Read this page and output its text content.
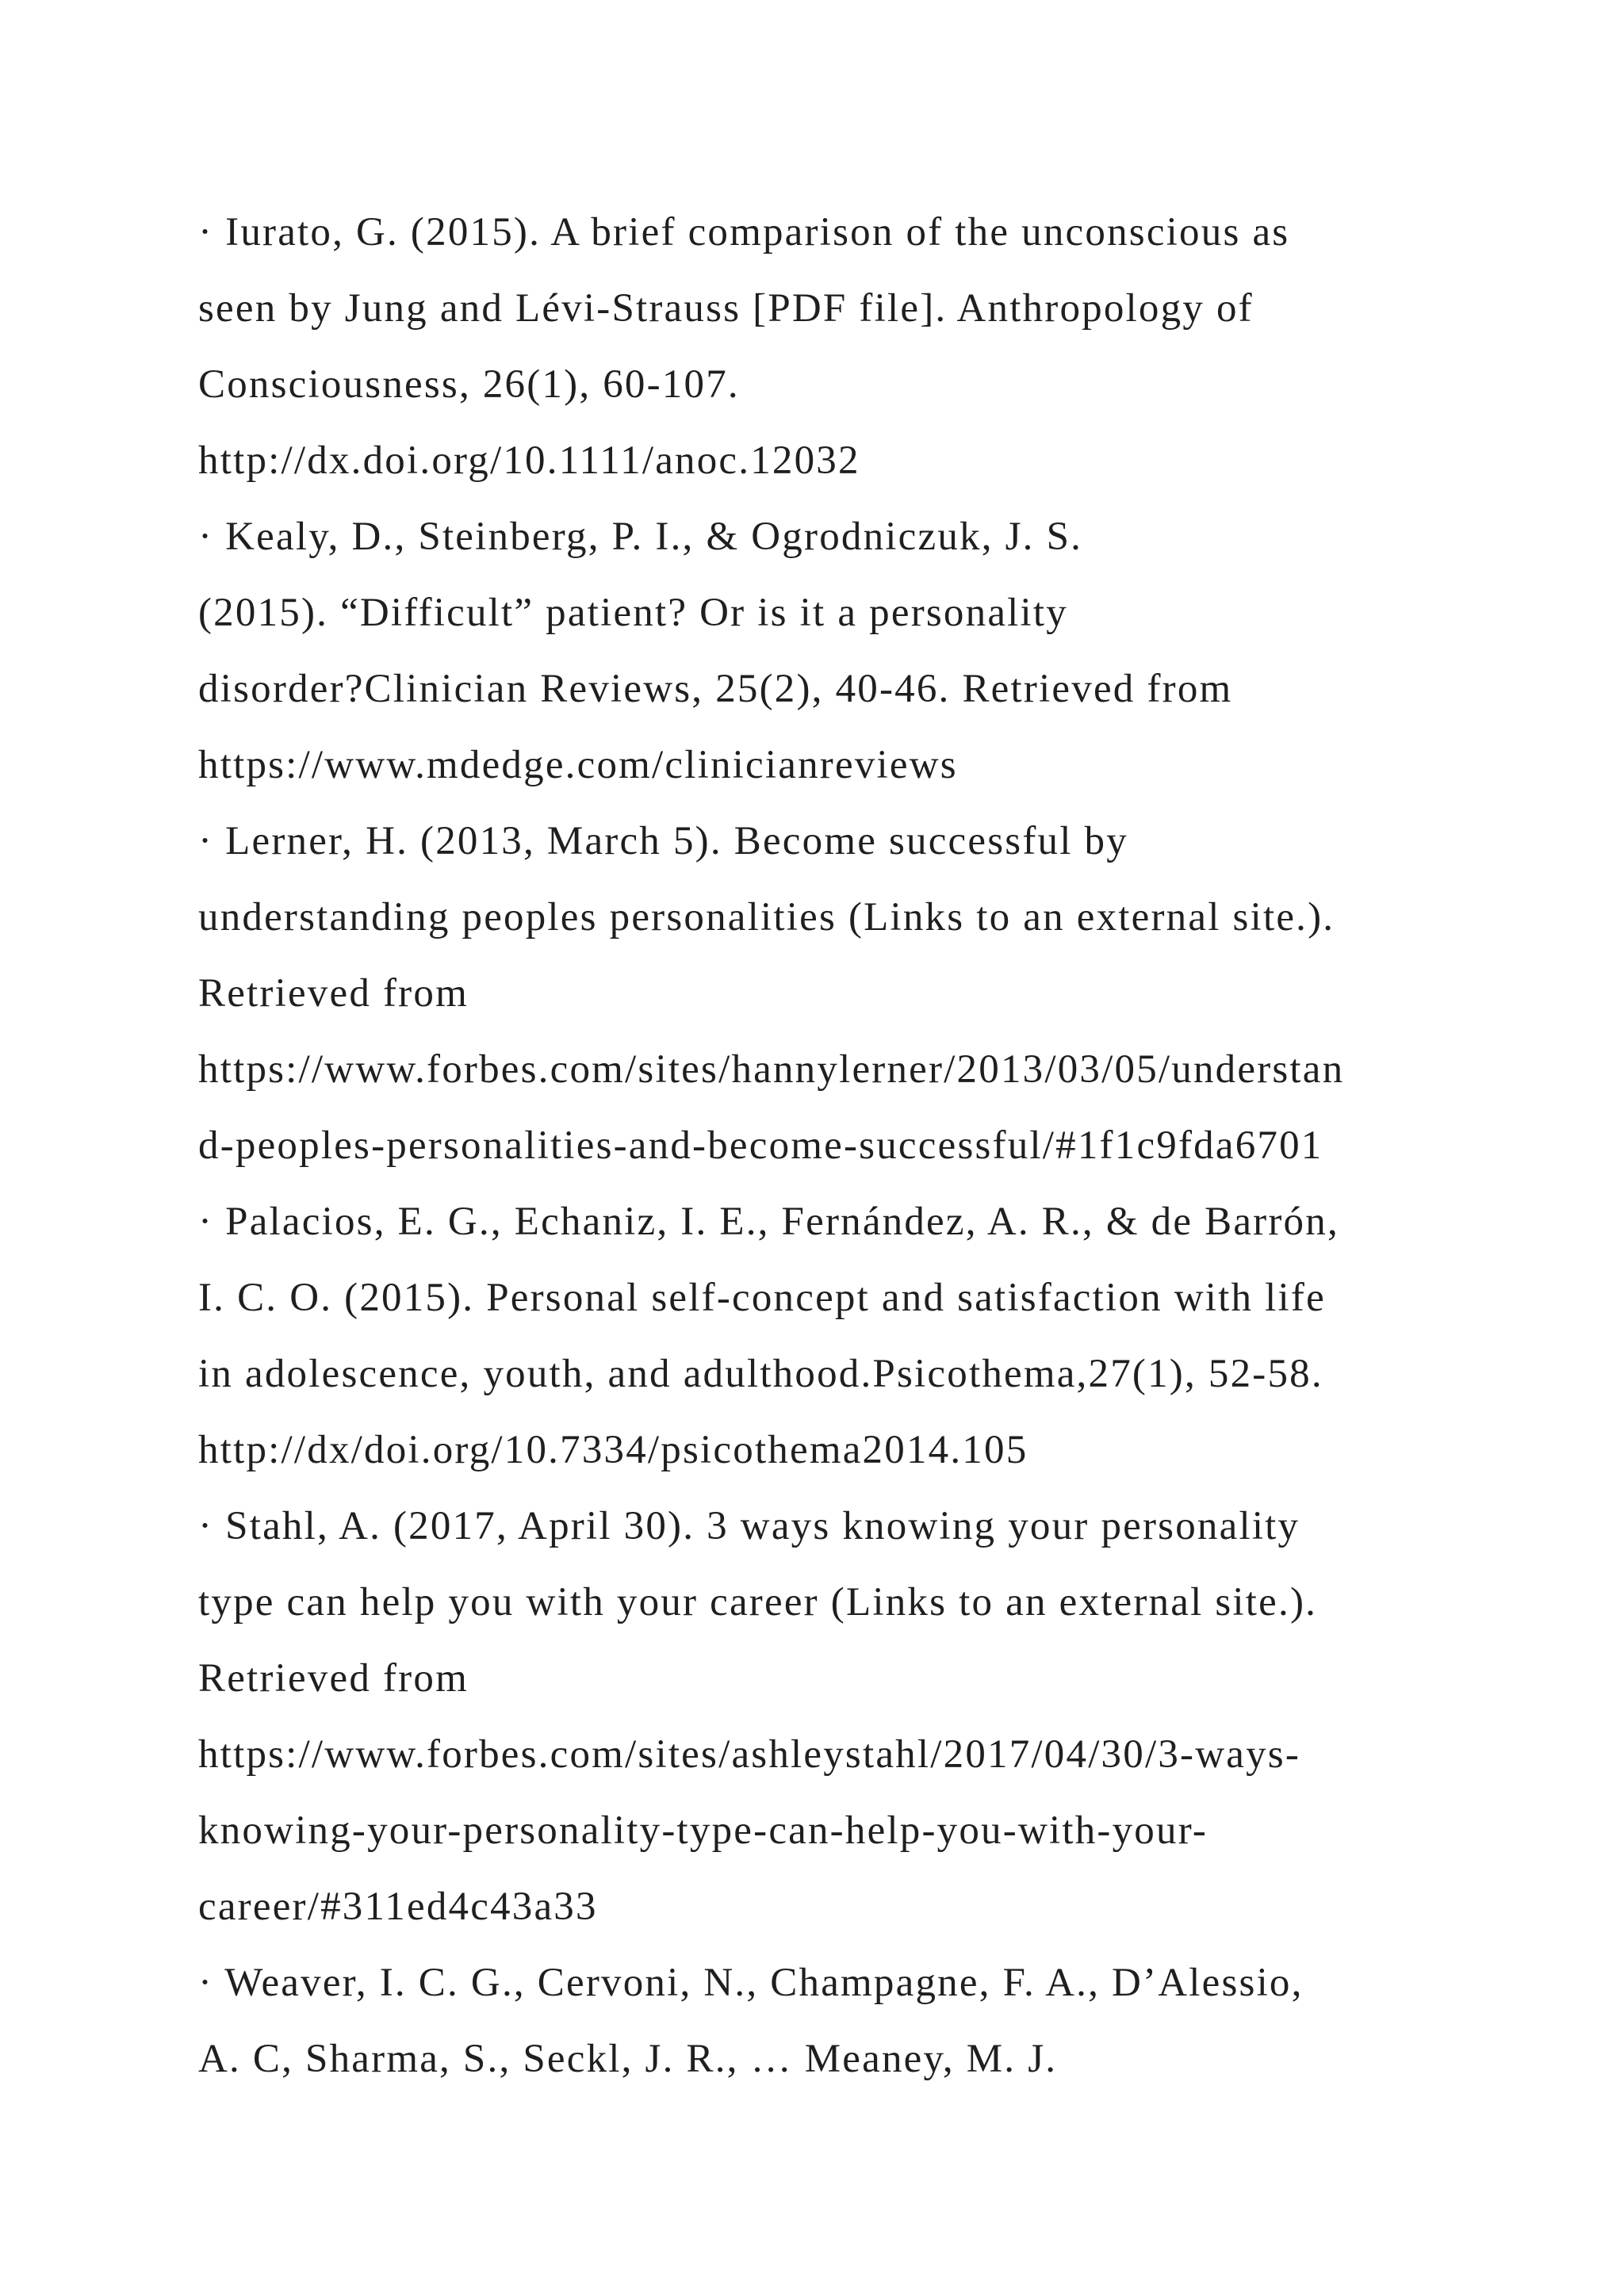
· Iurato, G. (2015). A brief comparison of the unconscious as
seen by Jung and Lévi-Strauss [PDF file]. Anthropology of
Consciousness, 26(1), 60-107.
http://dx.doi.org/10.1111/anoc.12032
· Kealy, D., Steinberg, P. I., & Ogrodniczuk, J. S.
(2015). “Difficult” patient? Or is it a personality
disorder?Clinician Reviews, 25(2), 40-46. Retrieved from
https://www.mdedge.com/clinicianreviews
· Lerner, H. (2013, March 5). Become successful by
understanding peoples personalities (Links to an external site.).
Retrieved from
https://www.forbes.com/sites/hannylerner/2013/03/05/understan
d-peoples-personalities-and-become-successful/#1f1c9fda6701
· Palacios, E. G., Echaniz, I. E., Fernández, A. R., & de Barrón,
I. C. O. (2015). Personal self-concept and satisfaction with life
in adolescence, youth, and adulthood.Psicothema,27(1), 52-58.
http://dx/doi.org/10.7334/psicothema2014.105
· Stahl, A. (2017, April 30). 3 ways knowing your personality
type can help you with your career (Links to an external site.).
Retrieved from
https://www.forbes.com/sites/ashleystahl/2017/04/30/3-ways-
knowing-your-personality-type-can-help-you-with-your-
career/#311ed4c43a33
· Weaver, I. C. G., Cervoni, N., Champagne, F. A., D’Alessio,
A. C, Sharma, S., Seckl, J. R., … Meaney, M. J.
